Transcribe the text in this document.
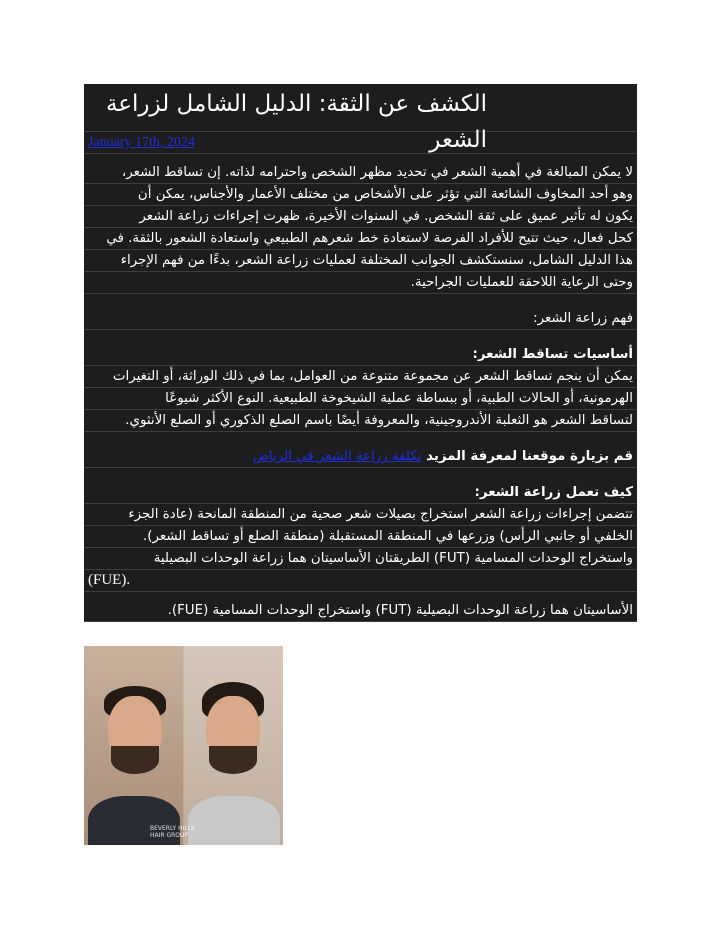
الكشف عن الثقة: الدليل الشامل لزراعة الشعر
January 17th, 2024
لا يمكن المبالغة في أهمية الشعر في تحديد مظهر الشخص واحترامه لذاته. إن تساقط الشعر،
وهو أحد المخاوف الشائعة التي تؤثر على الأشخاص من مختلف الأعمار والأجناس، يمكن أن
يكون له تأثير عميق على ثقة الشخص. في السنوات الأخيرة، ظهرت إجراءات زراعة الشعر
كحل فعال، حيث تتيح للأفراد الفرصة لاستعادة خط شعرهم الطبيعي واستعادة الشعور بالثقة. في
هذا الدليل الشامل، سنستكشف الجوانب المختلفة لعمليات زراعة الشعر، بدءًا من فهم الإجراء
وحتى الرعاية اللاحقة للعمليات الجراحية.
فهم زراعة الشعر:
أساسيات تساقط الشعر:
يمكن أن ينجم تساقط الشعر عن مجموعة متنوعة من العوامل، بما في ذلك الوراثة، أو التغيرات
الهرمونية، أو الحالات الطبية، أو ببساطة عملية الشيخوخة الطبيعية. النوع الأكثر شيوعًا
لتساقط الشعر هو الثعلبة الأندروجينية، والمعروفة أيضًا باسم الصلع الذكوري أو الصلع الأنثوي.
قم بزيارة موقعنا لمعرفة المزيد تكلفة زراعة الشعر في الرياض
كيف تعمل زراعة الشعر:
تتضمن إجراءات زراعة الشعر استخراج بصيلات شعر صحية من المنطقة المانحة (عادة الجزء
الخلفي أو جانبي الرأس) وزرعها في المنطقة المستقبلة (منطقة الصلع أو تساقط الشعر).
واستخراج الوحدات المسامية (FUT) الطريقتان الأساسيتان هما زراعة الوحدات البصيلية
(FUE).
الأساسيتان هما زراعة الوحدات البصيلية (FUT) واستخراج الوحدات المسامية (FUE).
BEVERLY HILLS
HAIR GROUP
